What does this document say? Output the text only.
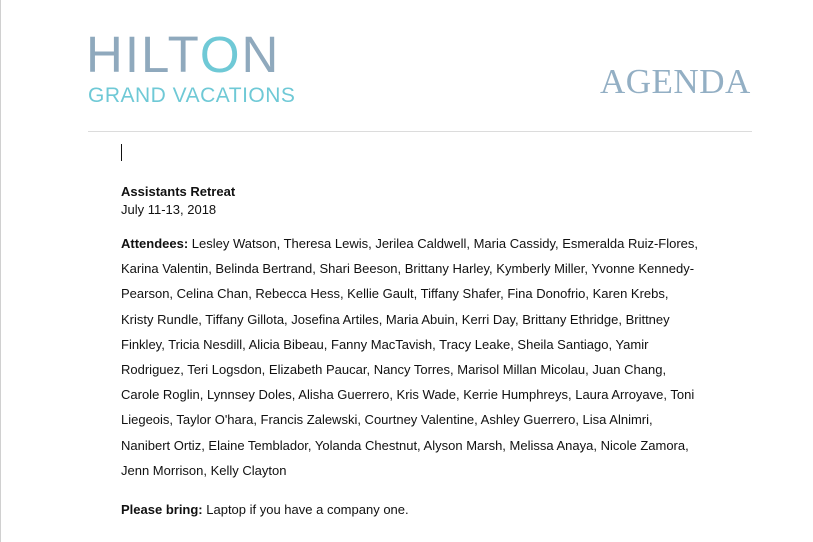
HILTON
GRAND VACATIONS	AGENDA

Assistants Retreat

July 11-13, 2018

Attendees: Lesley Watson, Theresa Lewis, Jerilea Caldwell, Maria Cassidy, Esmeralda Ruiz-Flores, Karina Valentin, Belinda Bertrand, Shari Beeson, Brittany Harley, Kymberly Miller, Yvonne Kennedy-Pearson, Celina Chan, Rebecca Hess, Kellie Gault, Tiffany Shafer, Fina Donofrio, Karen Krebs, Kristy Rundle, Tiffany Gillota, Josefina Artiles, Maria Abuin, Kerri Day, Brittany Ethridge, Brittney Finkley, Tricia Nesdill, Alicia Bibeau, Fanny MacTavish, Tracy Leake, Sheila Santiago, Yamir Rodriguez, Teri Logsdon, Elizabeth Paucar, Nancy Torres, Marisol Millan Micolau, Juan Chang, Carole Roglin, Lynnsey Doles, Alisha Guerrero, Kris Wade, Kerrie Humphreys, Laura Arroyave, Toni Liegeois, Taylor O'hara, Francis Zalewski, Courtney Valentine, Ashley Guerrero, Lisa Alnimri, Nanibert Ortiz, Elaine Temblador, Yolanda Chestnut, Alyson Marsh, Melissa Anaya, Nicole Zamora, Jenn Morrison, Kelly Clayton

Please bring: Laptop if you have a company one.
